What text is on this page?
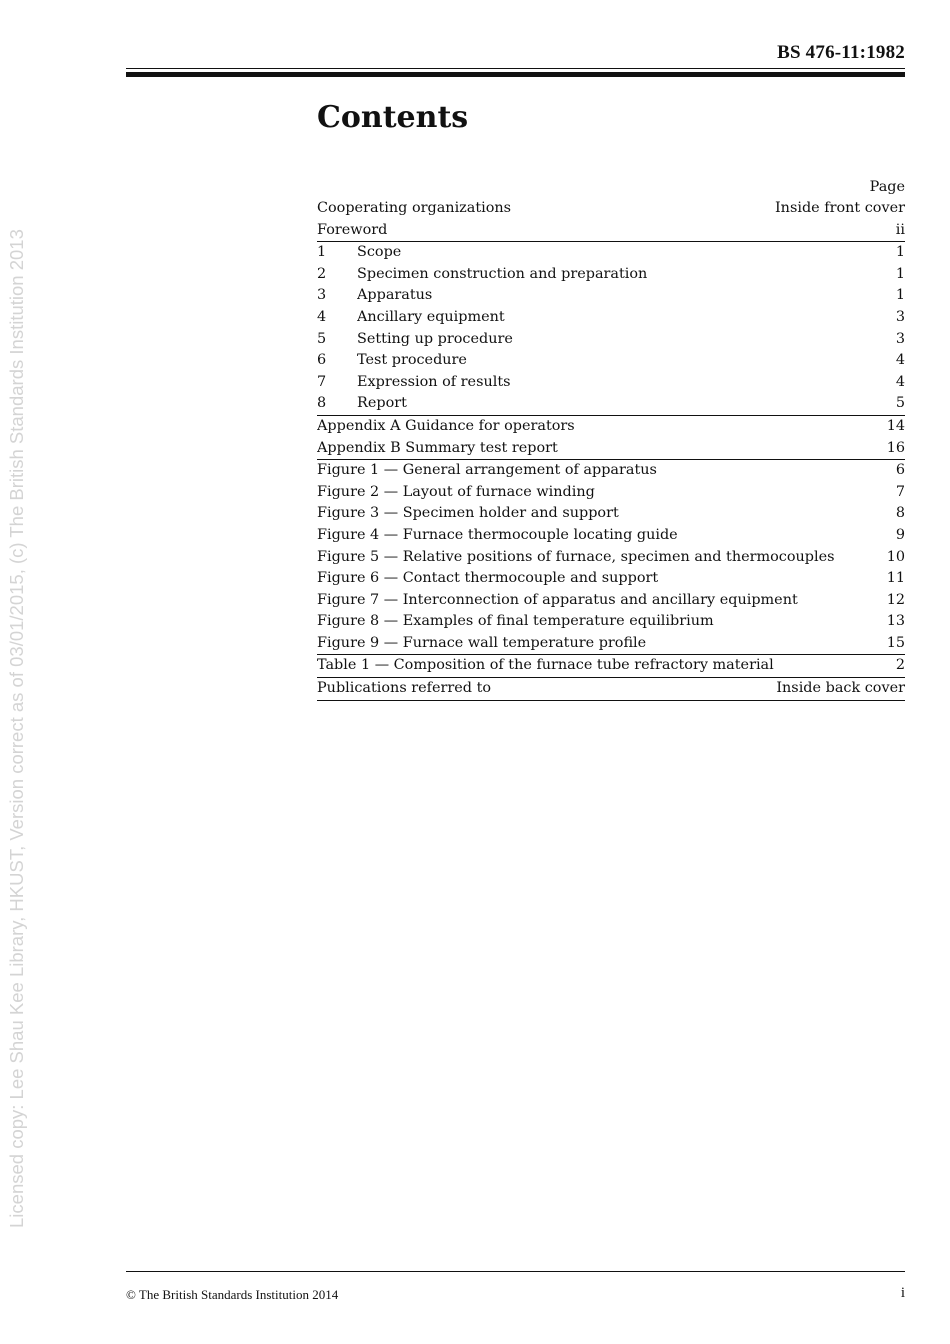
BS 476-11:1982
Licensed copy: Lee Shau Kee Library, HKUST, Version correct as of 03/01/2015, (c) The British Standards Institution 2013
Contents
Page
Cooperating organizations	Inside front cover
Foreword	ii
1	Scope	1
2	Specimen construction and preparation	1
3	Apparatus	1
4	Ancillary equipment	3
5	Setting up procedure	3
6	Test procedure	4
7	Expression of results	4
8	Report	5
Appendix A Guidance for operators	14
Appendix B Summary test report	16
Figure 1 — General arrangement of apparatus	6
Figure 2 — Layout of furnace winding	7
Figure 3 — Specimen holder and support	8
Figure 4 — Furnace thermocouple locating guide	9
Figure 5 — Relative positions of furnace, specimen and thermocouples	10
Figure 6 — Contact thermocouple and support	11
Figure 7 — Interconnection of apparatus and ancillary equipment	12
Figure 8 — Examples of final temperature equilibrium	13
Figure 9 — Furnace wall temperature profile	15
Table 1 — Composition of the furnace tube refractory material	2
Publications referred to	Inside back cover
© The British Standards Institution 2014	i
